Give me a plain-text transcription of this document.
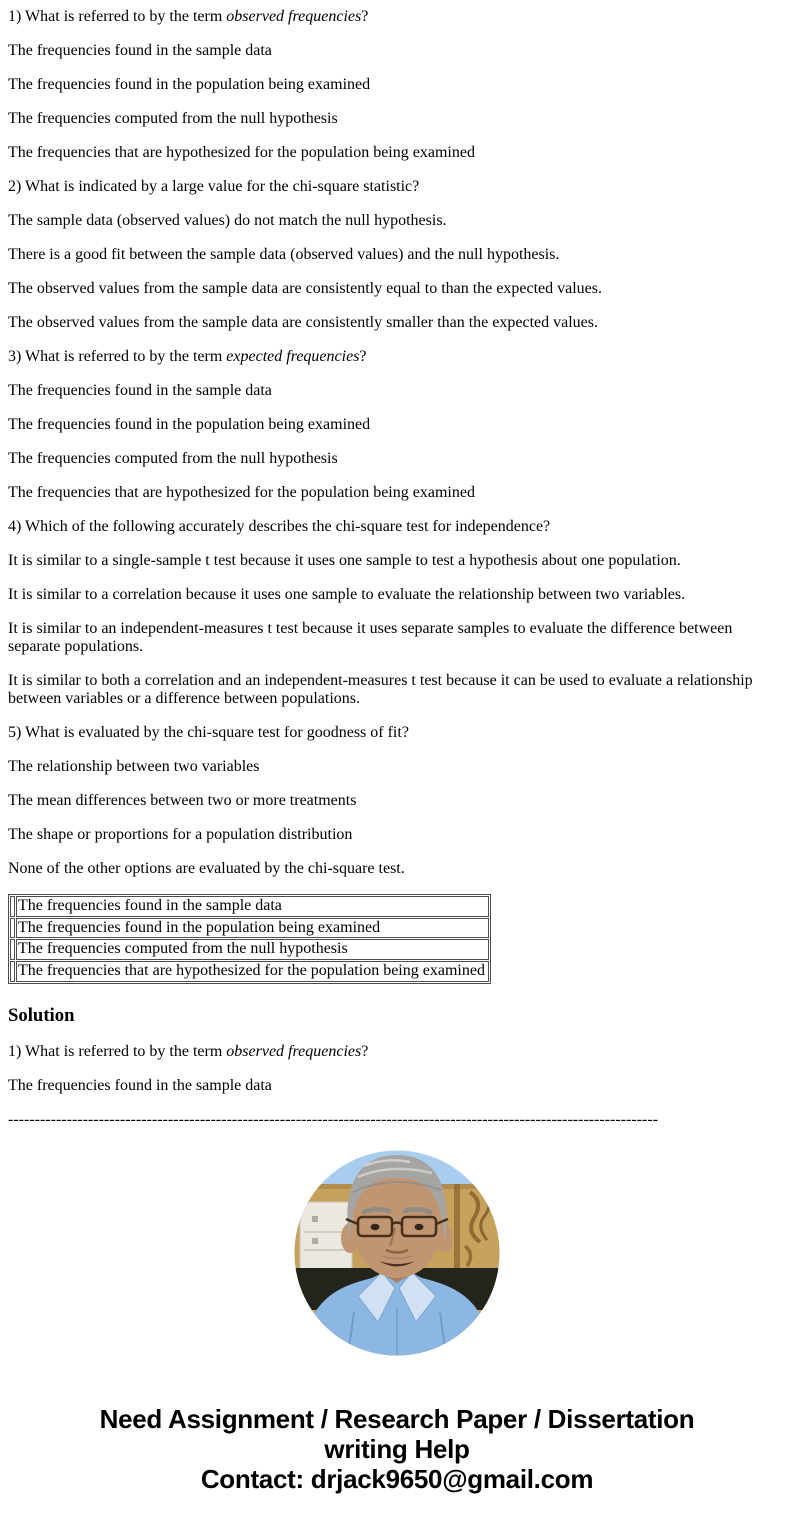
1) What is referred to by the term observed frequencies?

The frequencies found in the sample data

The frequencies found in the population being examined

The frequencies computed from the null hypothesis

The frequencies that are hypothesized for the population being examined

2) What is indicated by a large value for the chi-square statistic?

The sample data (observed values) do not match the null hypothesis.

There is a good fit between the sample data (observed values) and the null hypothesis.

The observed values from the sample data are consistently equal to than the expected values.

The observed values from the sample data are consistently smaller than the expected values.

3) What is referred to by the term expected frequencies?

The frequencies found in the sample data

The frequencies found in the population being examined

The frequencies computed from the null hypothesis

The frequencies that are hypothesized for the population being examined

4) Which of the following accurately describes the chi-square test for independence?

It is similar to a single-sample t test because it uses one sample to test a hypothesis about one population.

It is similar to a correlation because it uses one sample to evaluate the relationship between two variables.

It is similar to an independent-measures t test because it uses separate samples to evaluate the difference between separate populations.

It is similar to both a correlation and an independent-measures t test because it can be used to evaluate a relationship between variables or a difference between populations.

5) What is evaluated by the chi-square test for goodness of fit?

The relationship between two variables

The mean differences between two or more treatments

The shape or proportions for a population distribution

None of the other options are evaluated by the chi-square test.

	The frequencies found in the sample data
	The frequencies found in the population being examined
	The frequencies computed from the null hypothesis
	The frequencies that are hypothesized for the population being examined
Solution

1) What is referred to by the term observed frequencies?

The frequencies found in the sample data

--------------------------------------------------------------------------------------------------------------------------

Need Assignment / Research Paper / Dissertation
writing Help
Contact: drjack9650@gmail.com
